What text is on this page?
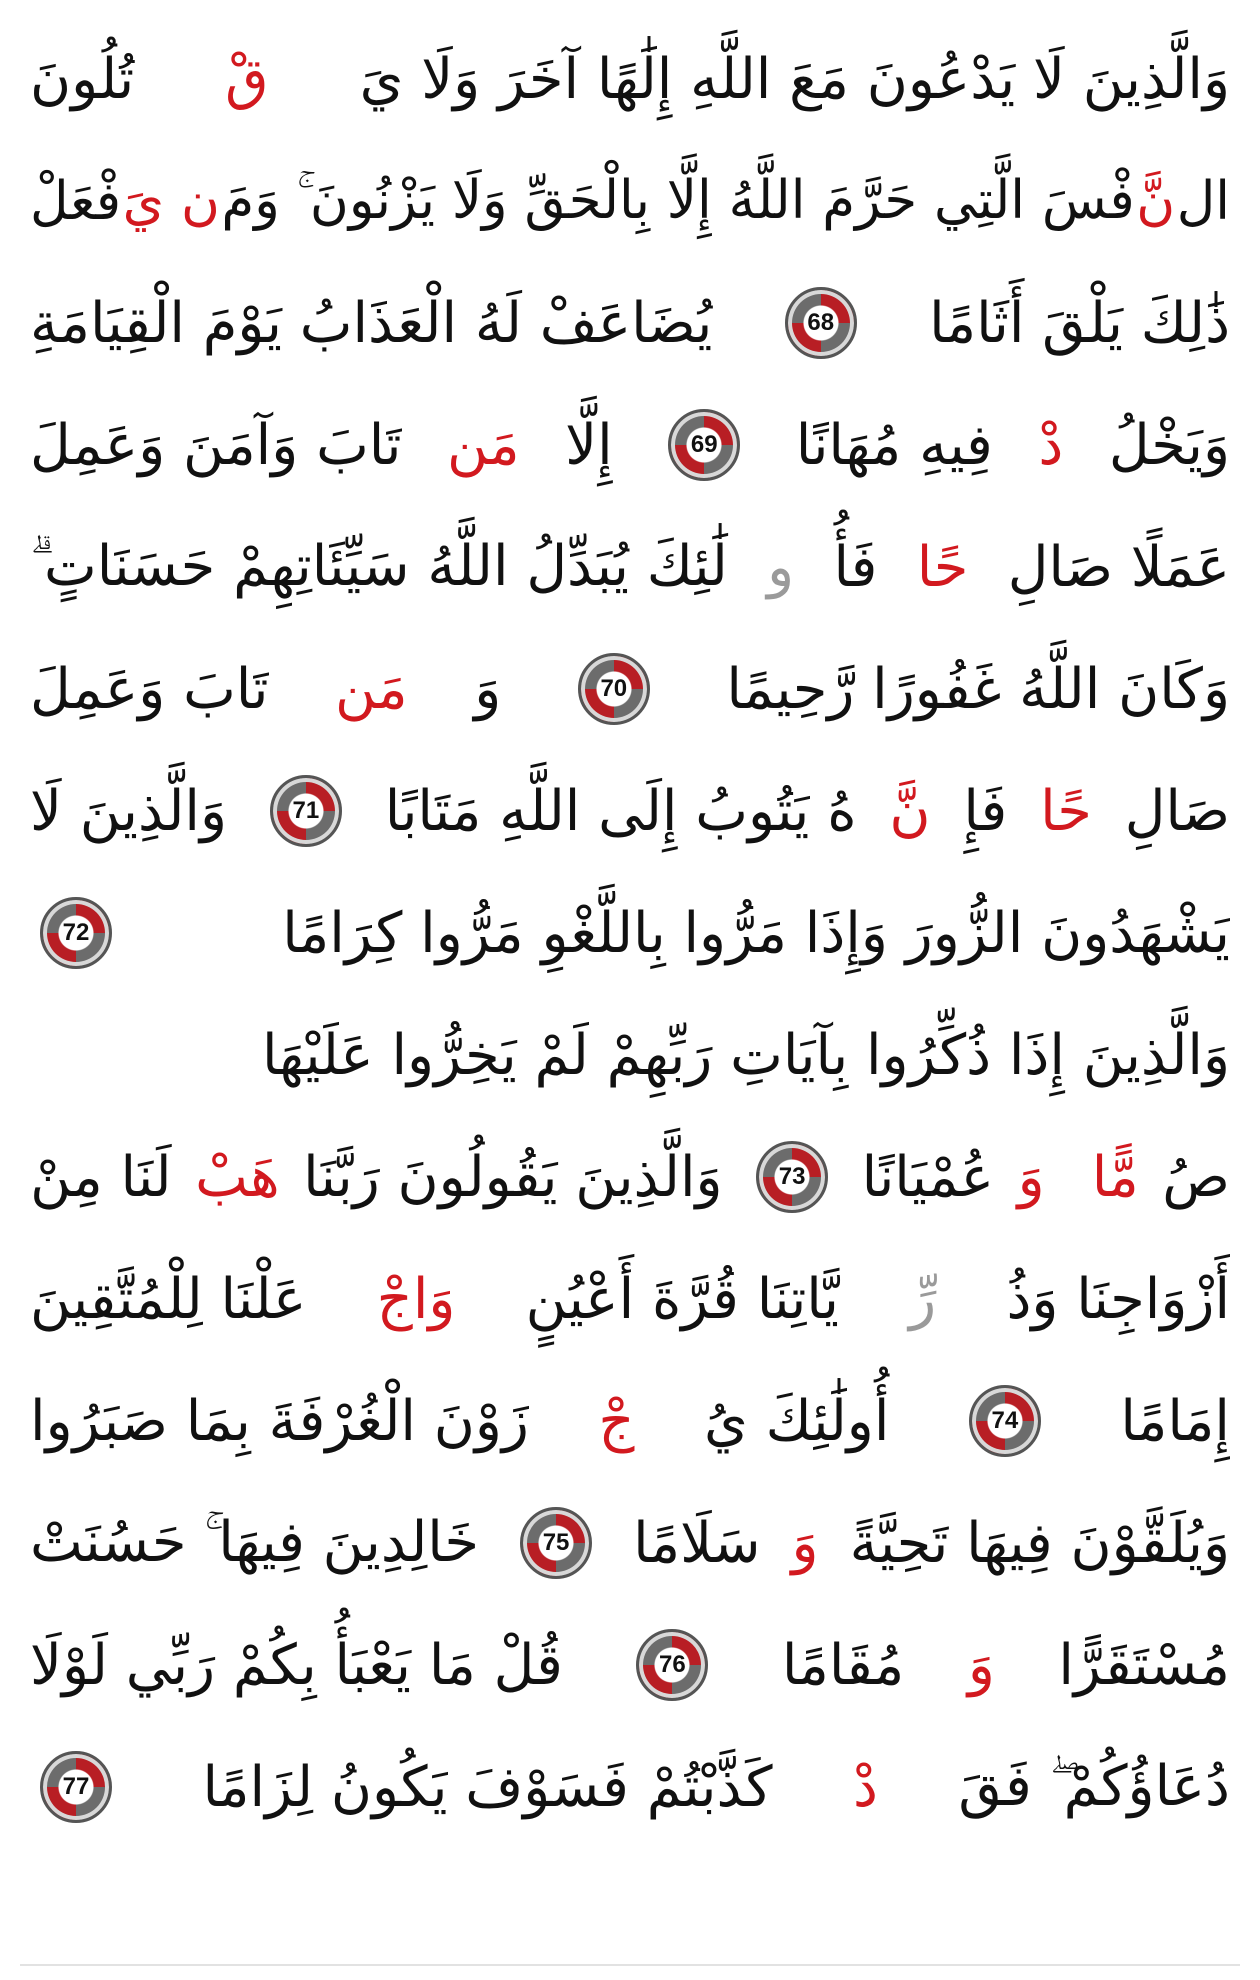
وَالَّذِينَ لَا يَدْعُونَ مَعَ اللَّهِ إِلَٰهًا آخَرَ وَلَا يَ
قْ
تُلُونَ
ال
نَّ
فْسَ الَّتِي حَرَّمَ اللَّهُ إِلَّا بِالْحَقِّ وَلَا يَزْنُونَ ۚ وَمَ
ن يَ
فْعَلْ
ذَٰلِكَ يَلْقَ أَثَامًا
68
يُضَاعَفْ لَهُ الْعَذَابُ يَوْمَ الْقِيَامَةِ
وَيَخْلُ
دْ
فِيهِ مُهَانًا
69
إِلَّا
مَن
تَابَ وَآمَنَ وَعَمِلَ
عَمَلًا صَالِ
حًا
فَأُ
و
لَٰئِكَ يُبَدِّلُ اللَّهُ سَيِّئَاتِهِمْ حَسَنَاتٍ ۗ
وَكَانَ اللَّهُ غَفُورًا رَّحِيمًا
70
وَ
مَن
تَابَ وَعَمِلَ
صَالِ
حًا
فَإِ
نَّ
هُ يَتُوبُ إِلَى اللَّهِ مَتَابًا
71
وَالَّذِينَ لَا
يَشْهَدُونَ الزُّورَ وَإِذَا مَرُّوا بِاللَّغْوِ مَرُّوا كِرَامًا
72
وَالَّذِينَ إِذَا ذُكِّرُوا بِآيَاتِ رَبِّهِمْ لَمْ يَخِرُّوا عَلَيْهَا
صُ
مًّا
وَ
عُمْيَانًا
73
وَالَّذِينَ يَقُولُونَ رَبَّنَا
هَبْ
لَنَا مِنْ
أَزْوَاجِنَا وَذُ
رِّ
يَّاتِنَا قُرَّةَ أَعْيُنٍ
وَاجْ
عَلْنَا لِلْمُتَّقِينَ
إِمَامًا
74
أُولَٰئِكَ يُ
جْ
زَوْنَ الْغُرْفَةَ بِمَا صَبَرُوا
وَيُلَقَّوْنَ فِيهَا تَحِيَّةً
وَ
سَلَامًا
75
خَالِدِينَ فِيهَا ۚ حَسُنَتْ
مُسْتَقَرًّا
وَ
مُقَامًا
76
قُلْ مَا يَعْبَأُ بِكُمْ رَبِّي لَوْلَا
دُعَاؤُكُمْ ۖ فَقَ
دْ
كَذَّبْتُمْ فَسَوْفَ يَكُونُ لِزَامًا
77
